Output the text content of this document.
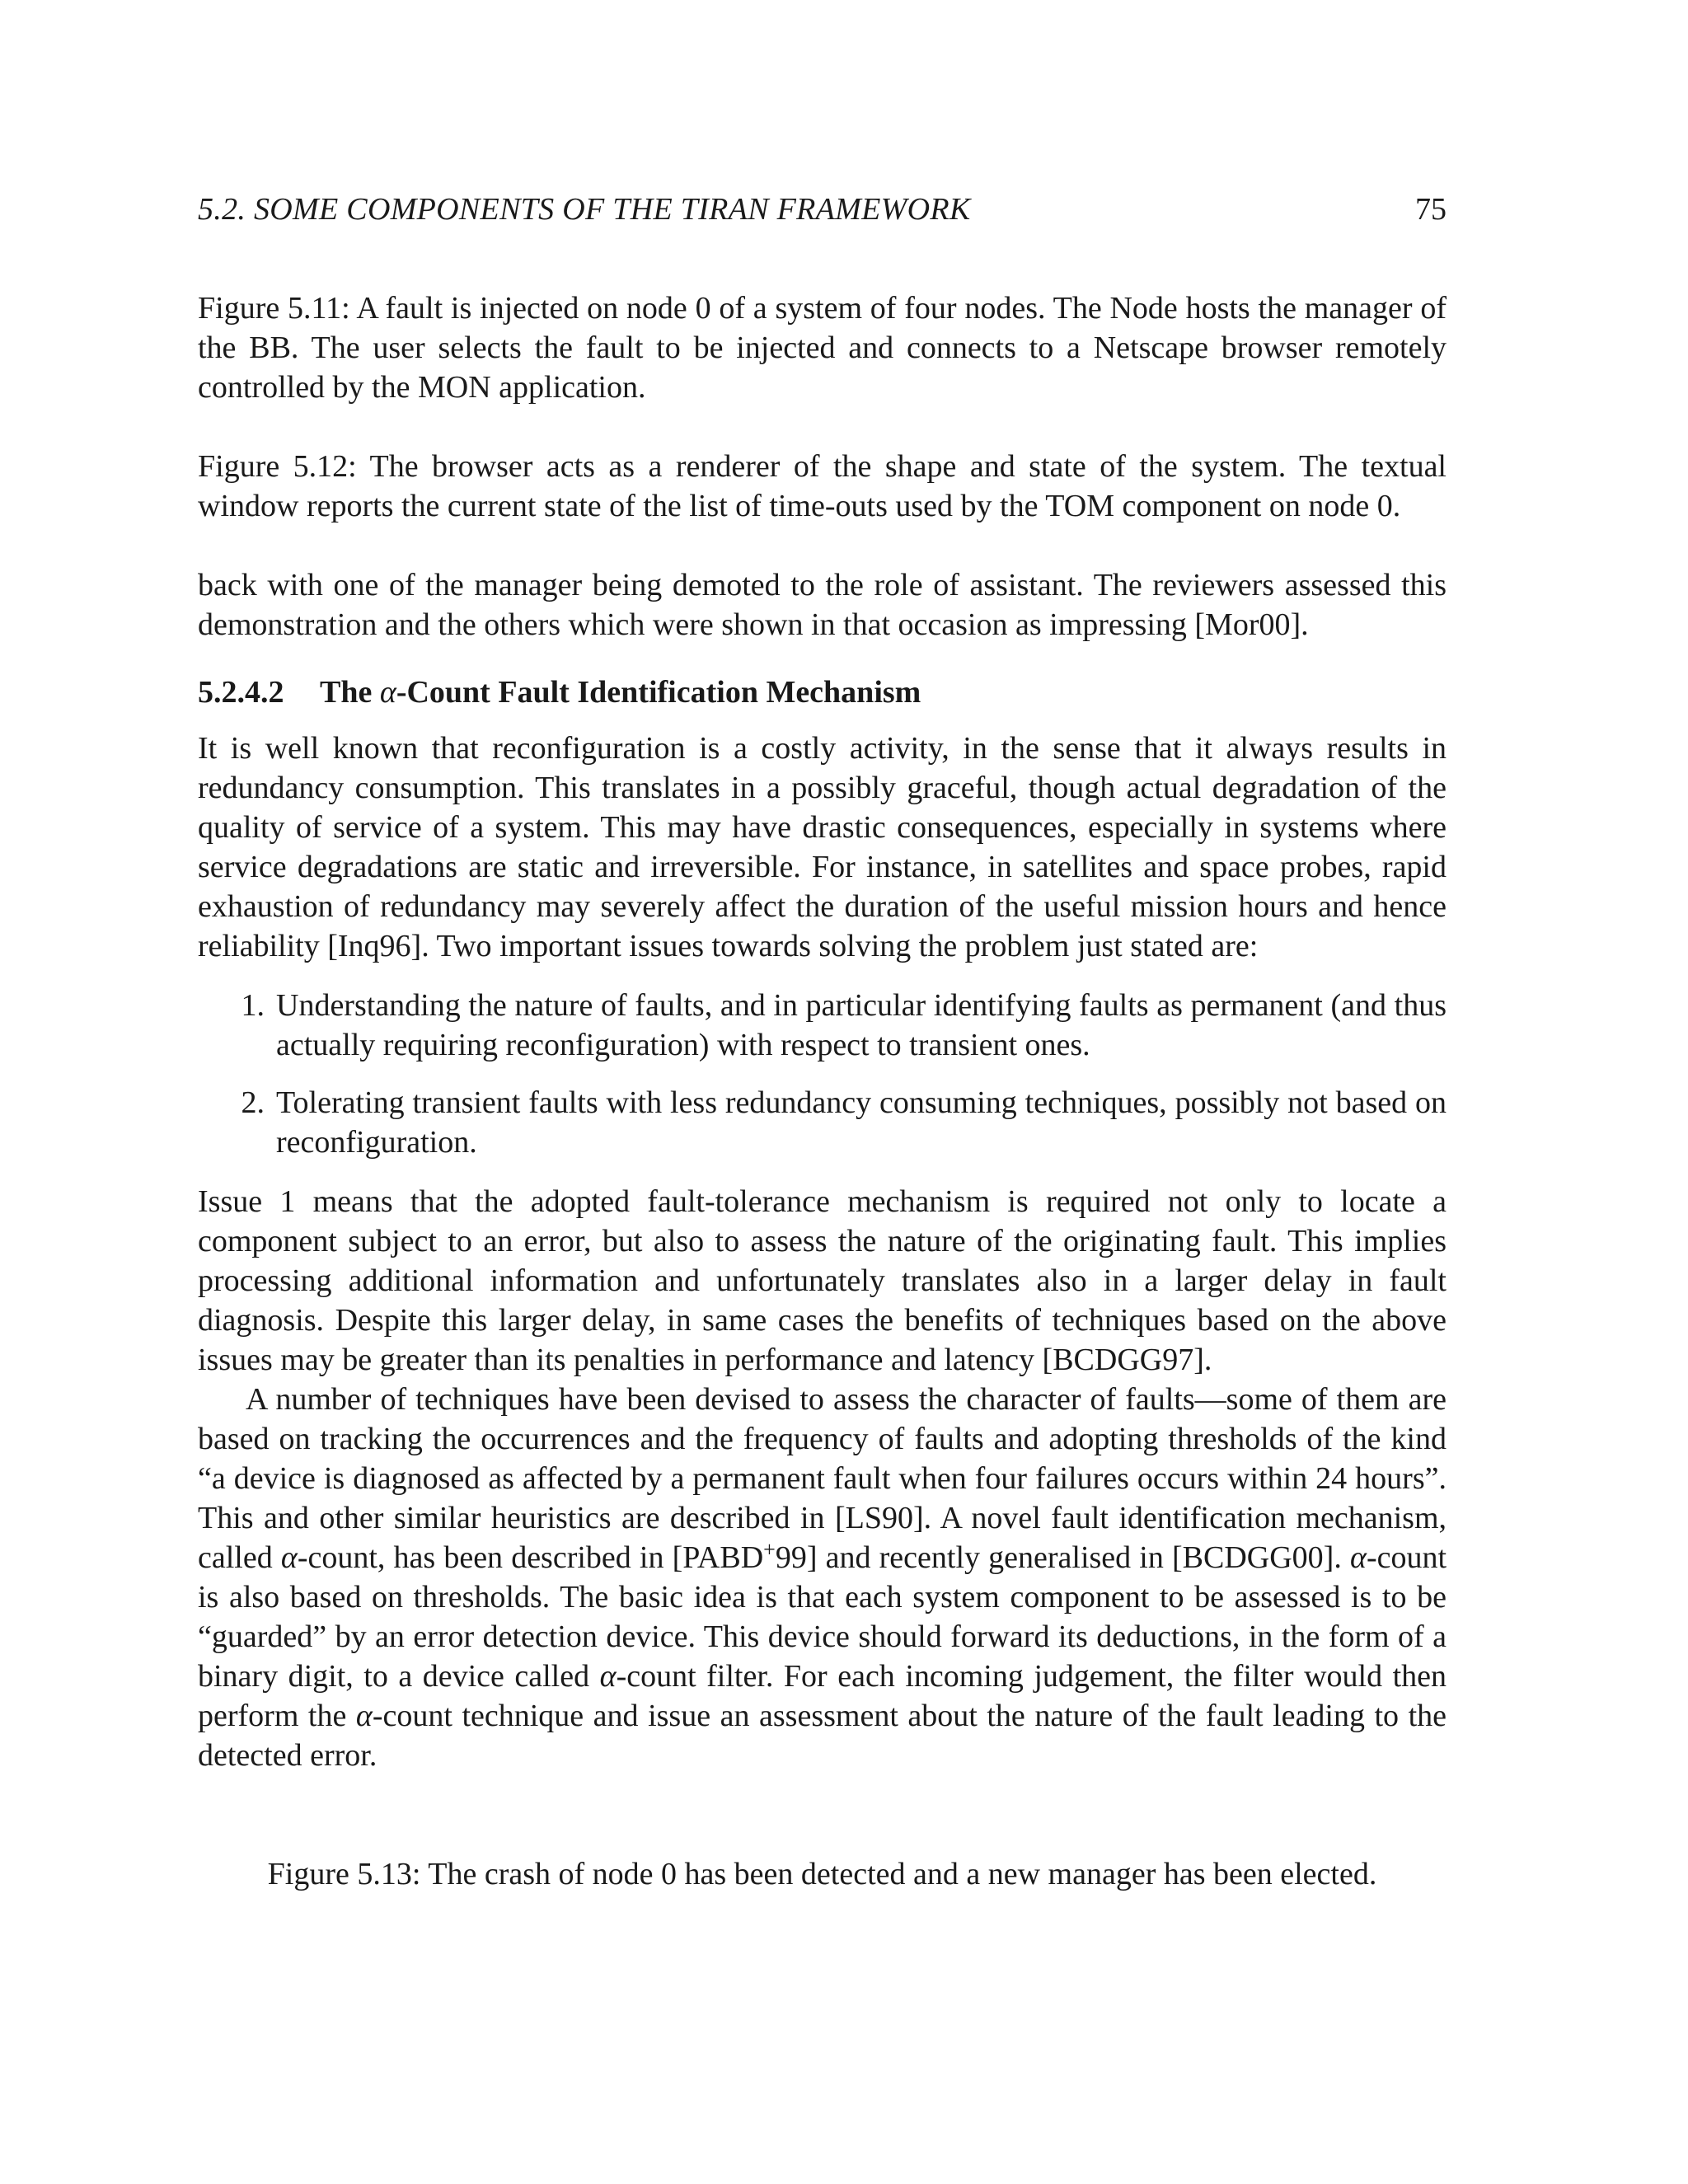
5.2. SOME COMPONENTS OF THE TIRAN FRAMEWORK	75

Figure 5.11: A fault is injected on node 0 of a system of four nodes. The Node hosts the manager of the BB. The user selects the fault to be injected and connects to a Netscape browser remotely controlled by the MON application.

Figure 5.12: The browser acts as a renderer of the shape and state of the system. The textual window reports the current state of the list of time-outs used by the TOM component on node 0.

back with one of the manager being demoted to the role of assistant. The reviewers assessed this demonstration and the others which were shown in that occasion as impressing [Mor00].

5.2.4.2 The α-Count Fault Identification Mechanism

It is well known that reconfiguration is a costly activity, in the sense that it always results in redundancy consumption. This translates in a possibly graceful, though actual degradation of the quality of service of a system. This may have drastic consequences, especially in systems where service degradations are static and irreversible. For instance, in satellites and space probes, rapid exhaustion of redundancy may severely affect the duration of the useful mission hours and hence reliability [Inq96]. Two important issues towards solving the problem just stated are:

1. Understanding the nature of faults, and in particular identifying faults as permanent (and thus actually requiring reconfiguration) with respect to transient ones.
2. Tolerating transient faults with less redundancy consuming techniques, possibly not based on reconfiguration.

Issue 1 means that the adopted fault-tolerance mechanism is required not only to locate a component subject to an error, but also to assess the nature of the originating fault. This implies processing additional information and unfortunately translates also in a larger delay in fault diagnosis. Despite this larger delay, in same cases the benefits of techniques based on the above issues may be greater than its penalties in performance and latency [BCDGG97].

A number of techniques have been devised to assess the character of faults—some of them are based on tracking the occurrences and the frequency of faults and adopting thresholds of the kind “a device is diagnosed as affected by a permanent fault when four failures occurs within 24 hours”. This and other similar heuristics are described in [LS90]. A novel fault identification mechanism, called α-count, has been described in [PABD+99] and recently generalised in [BCDGG00]. α-count is also based on thresholds. The basic idea is that each system component to be assessed is to be “guarded” by an error detection device. This device should forward its deductions, in the form of a binary digit, to a device called α-count filter. For each incoming judgement, the filter would then perform the α-count technique and issue an assessment about the nature of the fault leading to the detected error.

Figure 5.13: The crash of node 0 has been detected and a new manager has been elected.
